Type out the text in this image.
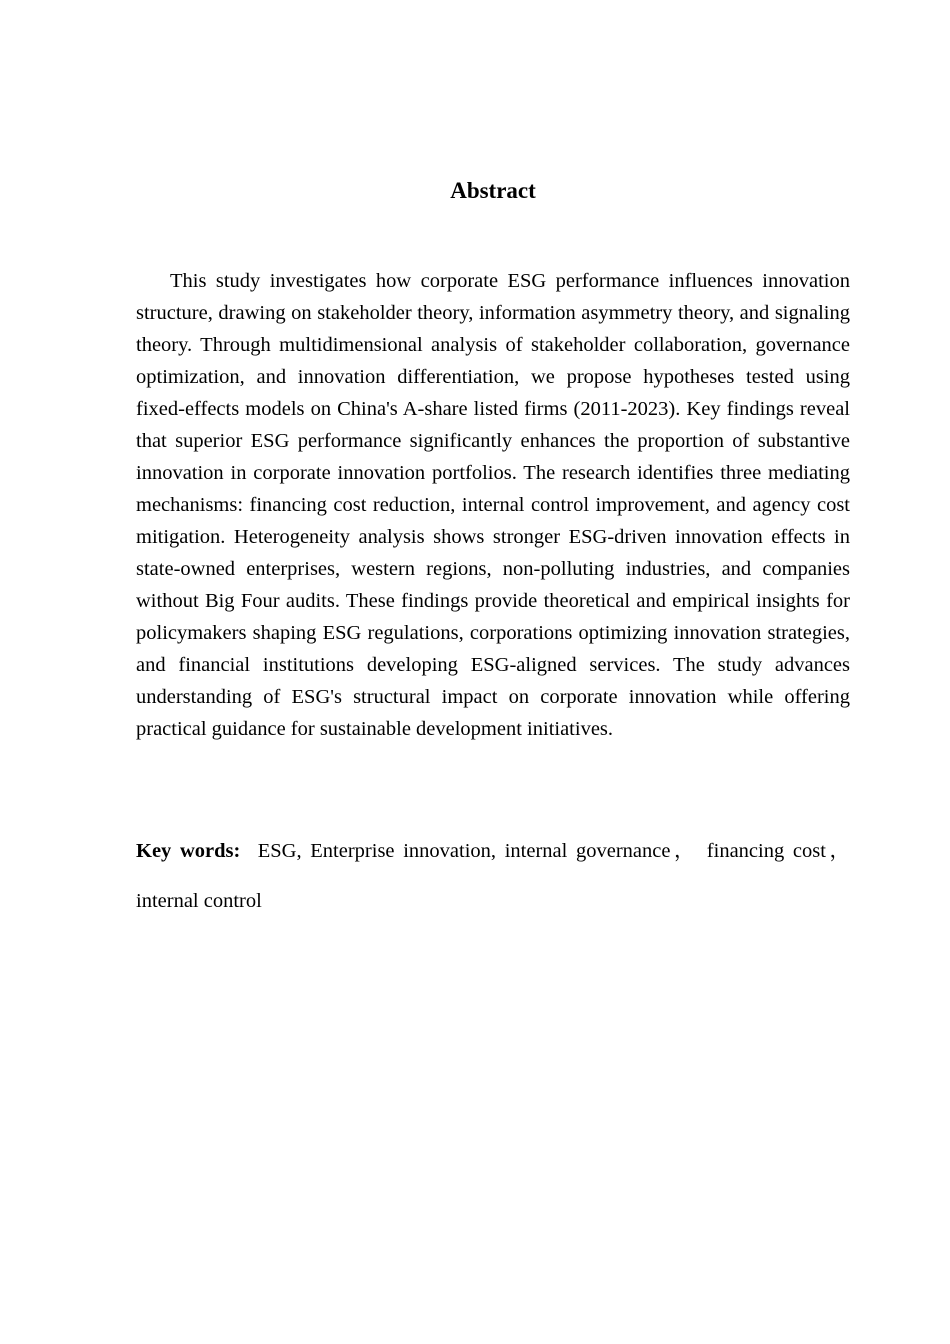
Abstract

This study investigates how corporate ESG performance influences innovation structure, drawing on stakeholder theory, information asymmetry theory, and signaling theory. Through multidimensional analysis of stakeholder collaboration, governance optimization, and innovation differentiation, we propose hypotheses tested using fixed-effects models on China's A-share listed firms (2011-2023). Key findings reveal that superior ESG performance significantly enhances the proportion of substantive innovation in corporate innovation portfolios. The research identifies three mediating mechanisms: financing cost reduction, internal control improvement, and agency cost mitigation. Heterogeneity analysis shows stronger ESG-driven innovation effects in state-owned enterprises, western regions, non-polluting industries, and companies without Big Four audits. These findings provide theoretical and empirical insights for policymakers shaping ESG regulations, corporations optimizing innovation strategies, and financial institutions developing ESG-aligned services. The study advances understanding of ESG's structural impact on corporate innovation while offering practical guidance for sustainable development initiatives.

Key words: ESG, Enterprise innovation, internal governance， financing cost，internal control
